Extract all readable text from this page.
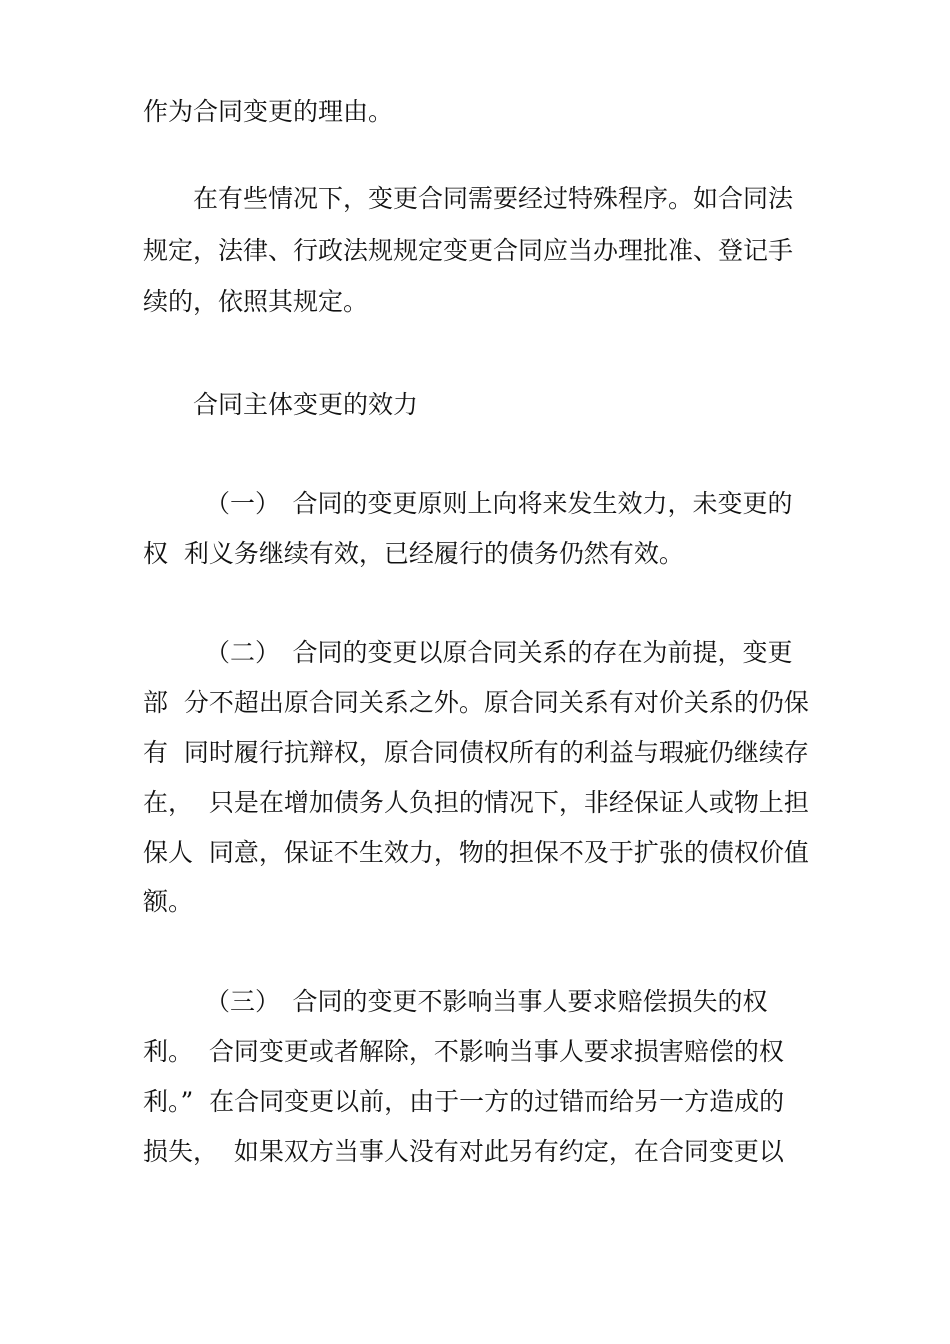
作为合同变更的理由。

在有些情况下，变更合同需要经过特殊程序。如合同法

规定，法律、行政法规规定变更合同应当办理批准、登记手

续的，依照其规定。

合同主体变更的效力

（一）　合同的变更原则上向将来发生效力，未变更的

权  利义务继续有效，已经履行的债务仍然有效。

（二）　合同的变更以原合同关系的存在为前提，变更

部  分不超出原合同关系之外。原合同关系有对价关系的仍保

有  同时履行抗辩权，原合同债权所有的利益与瑕疵仍继续存

在，  只是在增加债务人负担的情况下，非经保证人或物上担

保人  同意，保证不生效力，物的担保不及于扩张的债权价值

额。

（三）　合同的变更不影响当事人要求赔偿损失的权

利。  合同变更或者解除，不影响当事人要求损害赔偿的权

利。”  在合同变更以前，由于一方的过错而给另一方造成的

损失，  如果双方当事人没有对此另有约定，在合同变更以
